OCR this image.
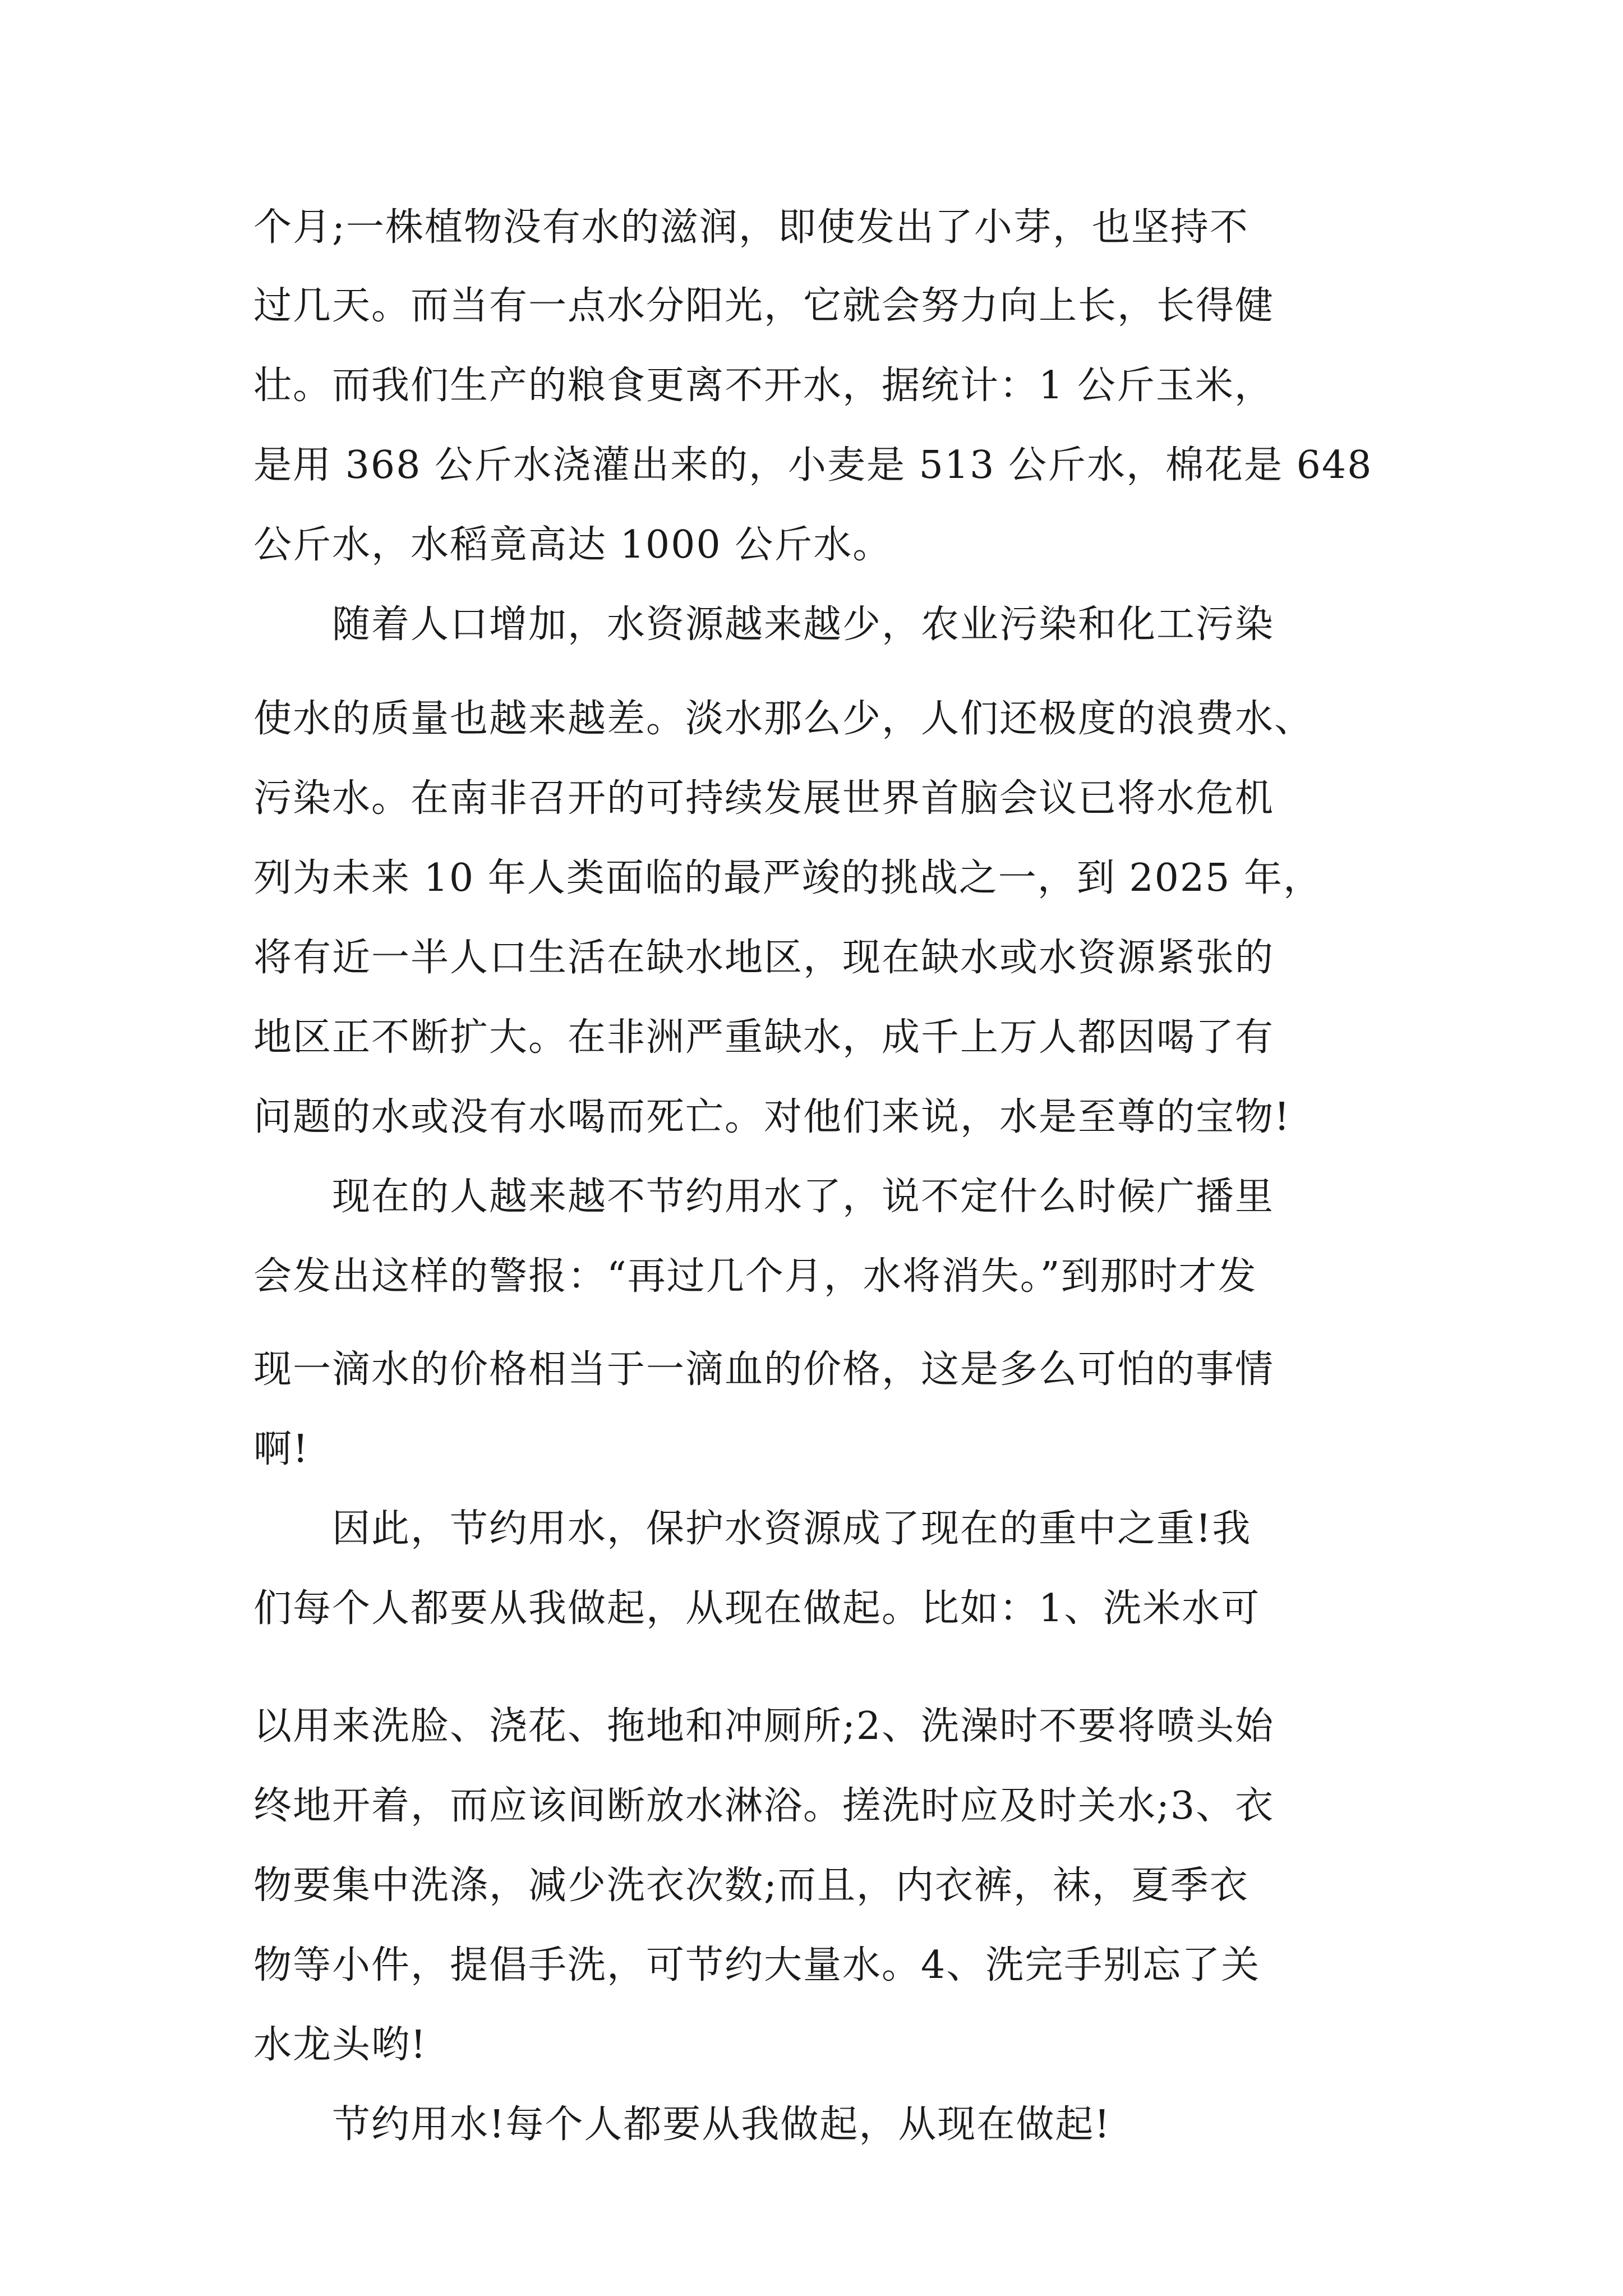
个月;一株植物没有水的滋润，即使发出了小芽，也坚持不
过几天。而当有一点水分阳光，它就会努力向上长，长得健
壮。而我们生产的粮食更离不开水，据统计：1 公斤玉米，
是用 368 公斤水浇灌出来的，小麦是 513 公斤水，棉花是 648
公斤水，水稻竟高达 1000 公斤水。
随着人口增加，水资源越来越少，农业污染和化工污染
使水的质量也越来越差。淡水那么少，人们还极度的浪费水、
污染水。在南非召开的可持续发展世界首脑会议已将水危机
列为未来 10 年人类面临的最严竣的挑战之一，到 2025 年，
将有近一半人口生活在缺水地区，现在缺水或水资源紧张的
地区正不断扩大。在非洲严重缺水，成千上万人都因喝了有
问题的水或没有水喝而死亡。对他们来说，水是至尊的宝物!
现在的人越来越不节约用水了，说不定什么时候广播里
会发出这样的警报：“再过几个月，水将消失。”到那时才发
现一滴水的价格相当于一滴血的价格，这是多么可怕的事情
啊!
因此，节约用水，保护水资源成了现在的重中之重!我
们每个人都要从我做起，从现在做起。比如：1、洗米水可
以用来洗脸、浇花、拖地和冲厕所;2、洗澡时不要将喷头始
终地开着，而应该间断放水淋浴。搓洗时应及时关水;3、衣
物要集中洗涤，减少洗衣次数;而且，内衣裤，袜，夏季衣
物等小件，提倡手洗，可节约大量水。4、洗完手别忘了关
水龙头哟!
节约用水!每个人都要从我做起，从现在做起!
